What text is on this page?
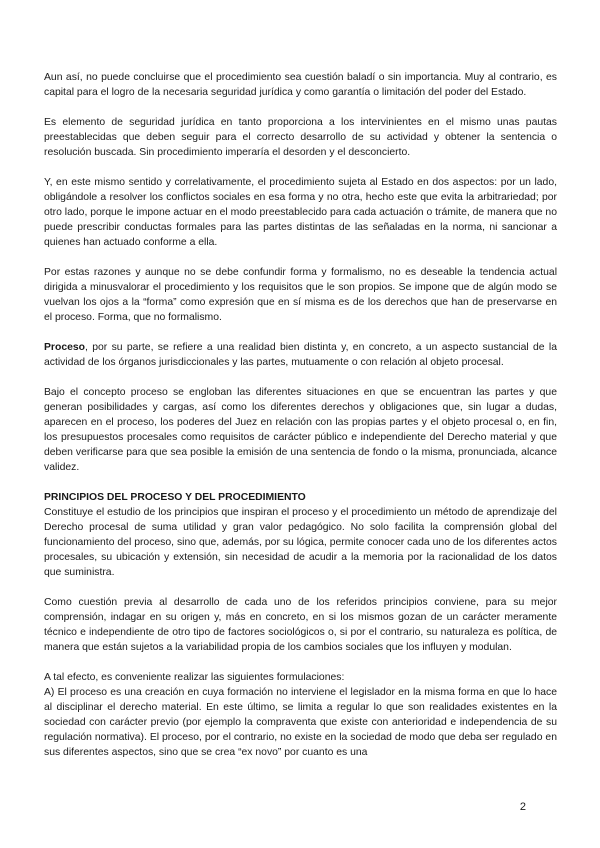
Aun así, no puede concluirse que el procedimiento sea cuestión baladí o sin importancia. Muy al contrario, es capital para el logro de la necesaria seguridad jurídica y como garantía o limitación del poder del Estado.

Es elemento de seguridad jurídica en tanto proporciona a los intervinientes en el mismo unas pautas preestablecidas que deben seguir para el correcto desarrollo de su actividad y obtener la sentencia o resolución buscada. Sin procedimiento imperaría el desorden y el desconcierto.

Y, en este mismo sentido y correlativamente, el procedimiento sujeta al Estado en dos aspectos: por un lado, obligándole a resolver los conflictos sociales en esa forma y no otra, hecho este que evita la arbitrariedad; por otro lado, porque le impone actuar en el modo preestablecido para cada actuación o trámite, de manera que no puede prescribir conductas formales para las partes distintas de las señaladas en la norma, ni sancionar a quienes han actuado conforme a ella.

Por estas razones y aunque no se debe confundir forma y formalismo, no es deseable la tendencia actual dirigida a minusvalorar el procedimiento y los requisitos que le son propios. Se impone que de algún modo se vuelvan los ojos a la “forma” como expresión que en sí misma es de los derechos que han de preservarse en el proceso. Forma, que no formalismo.

Proceso, por su parte, se refiere a una realidad bien distinta y, en concreto, a un aspecto sustancial de la actividad de los órganos jurisdiccionales y las partes, mutuamente o con relación al objeto procesal.

Bajo el concepto proceso se engloban las diferentes situaciones en que se encuentran las partes y que generan posibilidades y cargas, así como los diferentes derechos y obligaciones que, sin lugar a dudas, aparecen en el proceso, los poderes del Juez en relación con las propias partes y el objeto procesal o, en fin, los presupuestos procesales como requisitos de carácter público e independiente del Derecho material y que deben verificarse para que sea posible la emisión de una sentencia de fondo o la misma, pronunciada, alcance validez.

PRINCIPIOS DEL PROCESO Y DEL PROCEDIMIENTO

Constituye el estudio de los principios que inspiran el proceso y el procedimiento un método de aprendizaje del Derecho procesal de suma utilidad y gran valor pedagógico. No solo facilita la comprensión global del funcionamiento del proceso, sino que, además, por su lógica, permite conocer cada uno de los diferentes actos procesales, su ubicación y extensión, sin necesidad de acudir a la memoria por la racionalidad de los datos que suministra.

Como cuestión previa al desarrollo de cada uno de los referidos principios conviene, para su mejor comprensión, indagar en su origen y, más en concreto, en si los mismos gozan de un carácter meramente técnico e independiente de otro tipo de factores sociológicos o, si por el contrario, su naturaleza es política, de manera que están sujetos a la variabilidad propia de los cambios sociales que los influyen y modulan.

A tal efecto, es conveniente realizar las siguientes formulaciones:

A) El proceso es una creación en cuya formación no interviene el legislador en la misma forma en que lo hace al disciplinar el derecho material. En este último, se limita a regular lo que son realidades existentes en la sociedad con carácter previo (por ejemplo la compraventa que existe con anterioridad e independencia de su regulación normativa). El proceso, por el contrario, no existe en la sociedad de modo que deba ser regulado en sus diferentes aspectos, sino que se crea “ex novo” por cuanto es una

2
